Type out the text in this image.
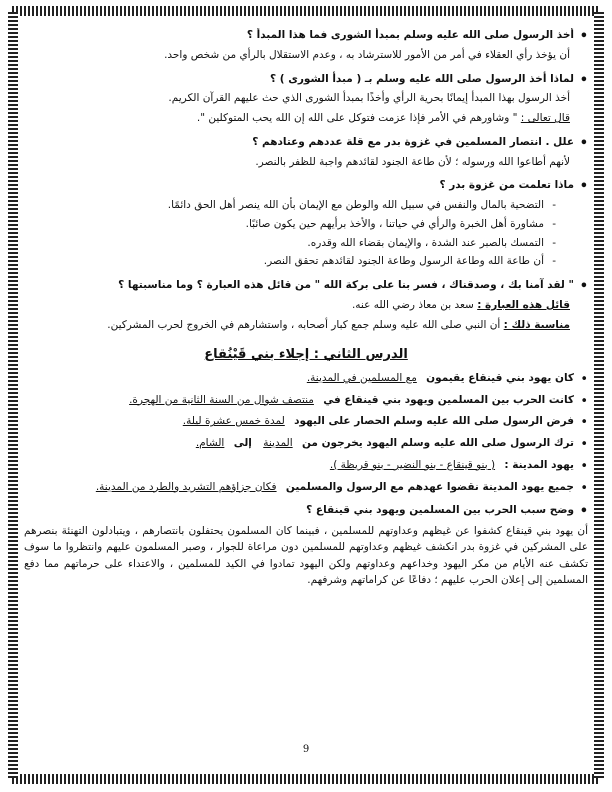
• أخذ الرسول صلى الله عليه وسلم بمبدأ الشورى فما هذا المبدأ ؟
أن يؤخذ رأي العقلاء في أمر من الأمور للاسترشاد به ، وعدم الاستقلال بالرأي من شخص واحد.
• لماذا أخذ الرسول صلى الله عليه وسلم بـ ( مبدأ الشورى ) ؟
أخذ الرسول بهذا المبدأ إيمانًا بحرية الرأي وأخذًا بمبدأ الشورى الذي حث عليهم القرآن الكريم.
قال تعالى : " وشاورهم في الأمر فإذا عزمت فتوكل على الله إن الله يحب المتوكلين ".
• علل . انتصار المسلمين في غزوة بدر مع قلة عددهم وعتادهم ؟
لأنهم أطاعوا الله ورسوله ؛ لأن طاعة الجنود لقائدهم واجبة للظفر بالنصر.
• ماذا تعلمت من غزوة بدر ؟
- التضحية بالمال والنفس في سبيل الله والوطن مع الإيمان بأن الله ينصر أهل الحق دائمًا.
- مشاورة أهل الخبرة والرأي في حياتنا ، والأخذ برأيهم حين يكون صائبًا.
- التمسك بالصبر عند الشدة ، والإيمان بقضاء الله وقدره.
- أن طاعة الله وطاعة الرسول وطاعة الجنود لقائدهم تحقق النصر.
• " لقد آمنا بك ، وصدقناك ، فسر بنا على بركة الله " من قائل هذه العبارة ؟ وما مناسبتها ؟
قائل هذه العبارة : سعد بن معاذ رضي الله عنه.
مناسبة ذلك : أن النبي صلى الله عليه وسلم جمع كبار أصحابه ، واستشارهم في الخروج لحرب المشركين.
الدرس الثاني : إجلاء بني قَيْنُقاع
• كان يهود بني قينقاع يقيمون مع المسلمين في المدينة.
• كانت الحرب بين المسلمين ويهود بني قينقاع في منتصف شوال من السنة الثانية من الهجرة.
• فرض الرسول صلى الله عليه وسلم الحصار على اليهود لمدة خمس عشرة ليلة.
• ترك الرسول صلى الله عليه وسلم اليهود يخرجون من المدينة إلى الشام.
• يهود المدينة : ( بنو قينقاع - بنو النضير - بنو قريظة ).
• جميع يهود المدينة نقضوا عهدهم مع الرسول والمسلمين فكان جزاؤهم التشريد والطرد من المدينة.
• وضح سبب الحرب بين المسلمين ويهود بني قينقاع ؟
أن يهود بني قينقاع كشفوا عن غيظهم وعداوتهم للمسلمين ، فبينما كان المسلمون يحتفلون بانتصارهم ، ويتبادلون التهنئة بنصرهم على المشركين في غزوة بدر انكشف غيظهم وعداوتهم للمسلمين دون مراعاة للجوار ، وصبر المسلمون عليهم وانتظروا ما سوف تكشف عنه الأيام من مكر اليهود وخداعهم وعداوتهم ولكن اليهود تمادوا في الكيد للمسلمين ، والاعتداء على حرماتهم مما دفع المسلمين إلى إعلان الحرب عليهم ؛ دفاعًا عن كراماتهم وشرفهم.
9
